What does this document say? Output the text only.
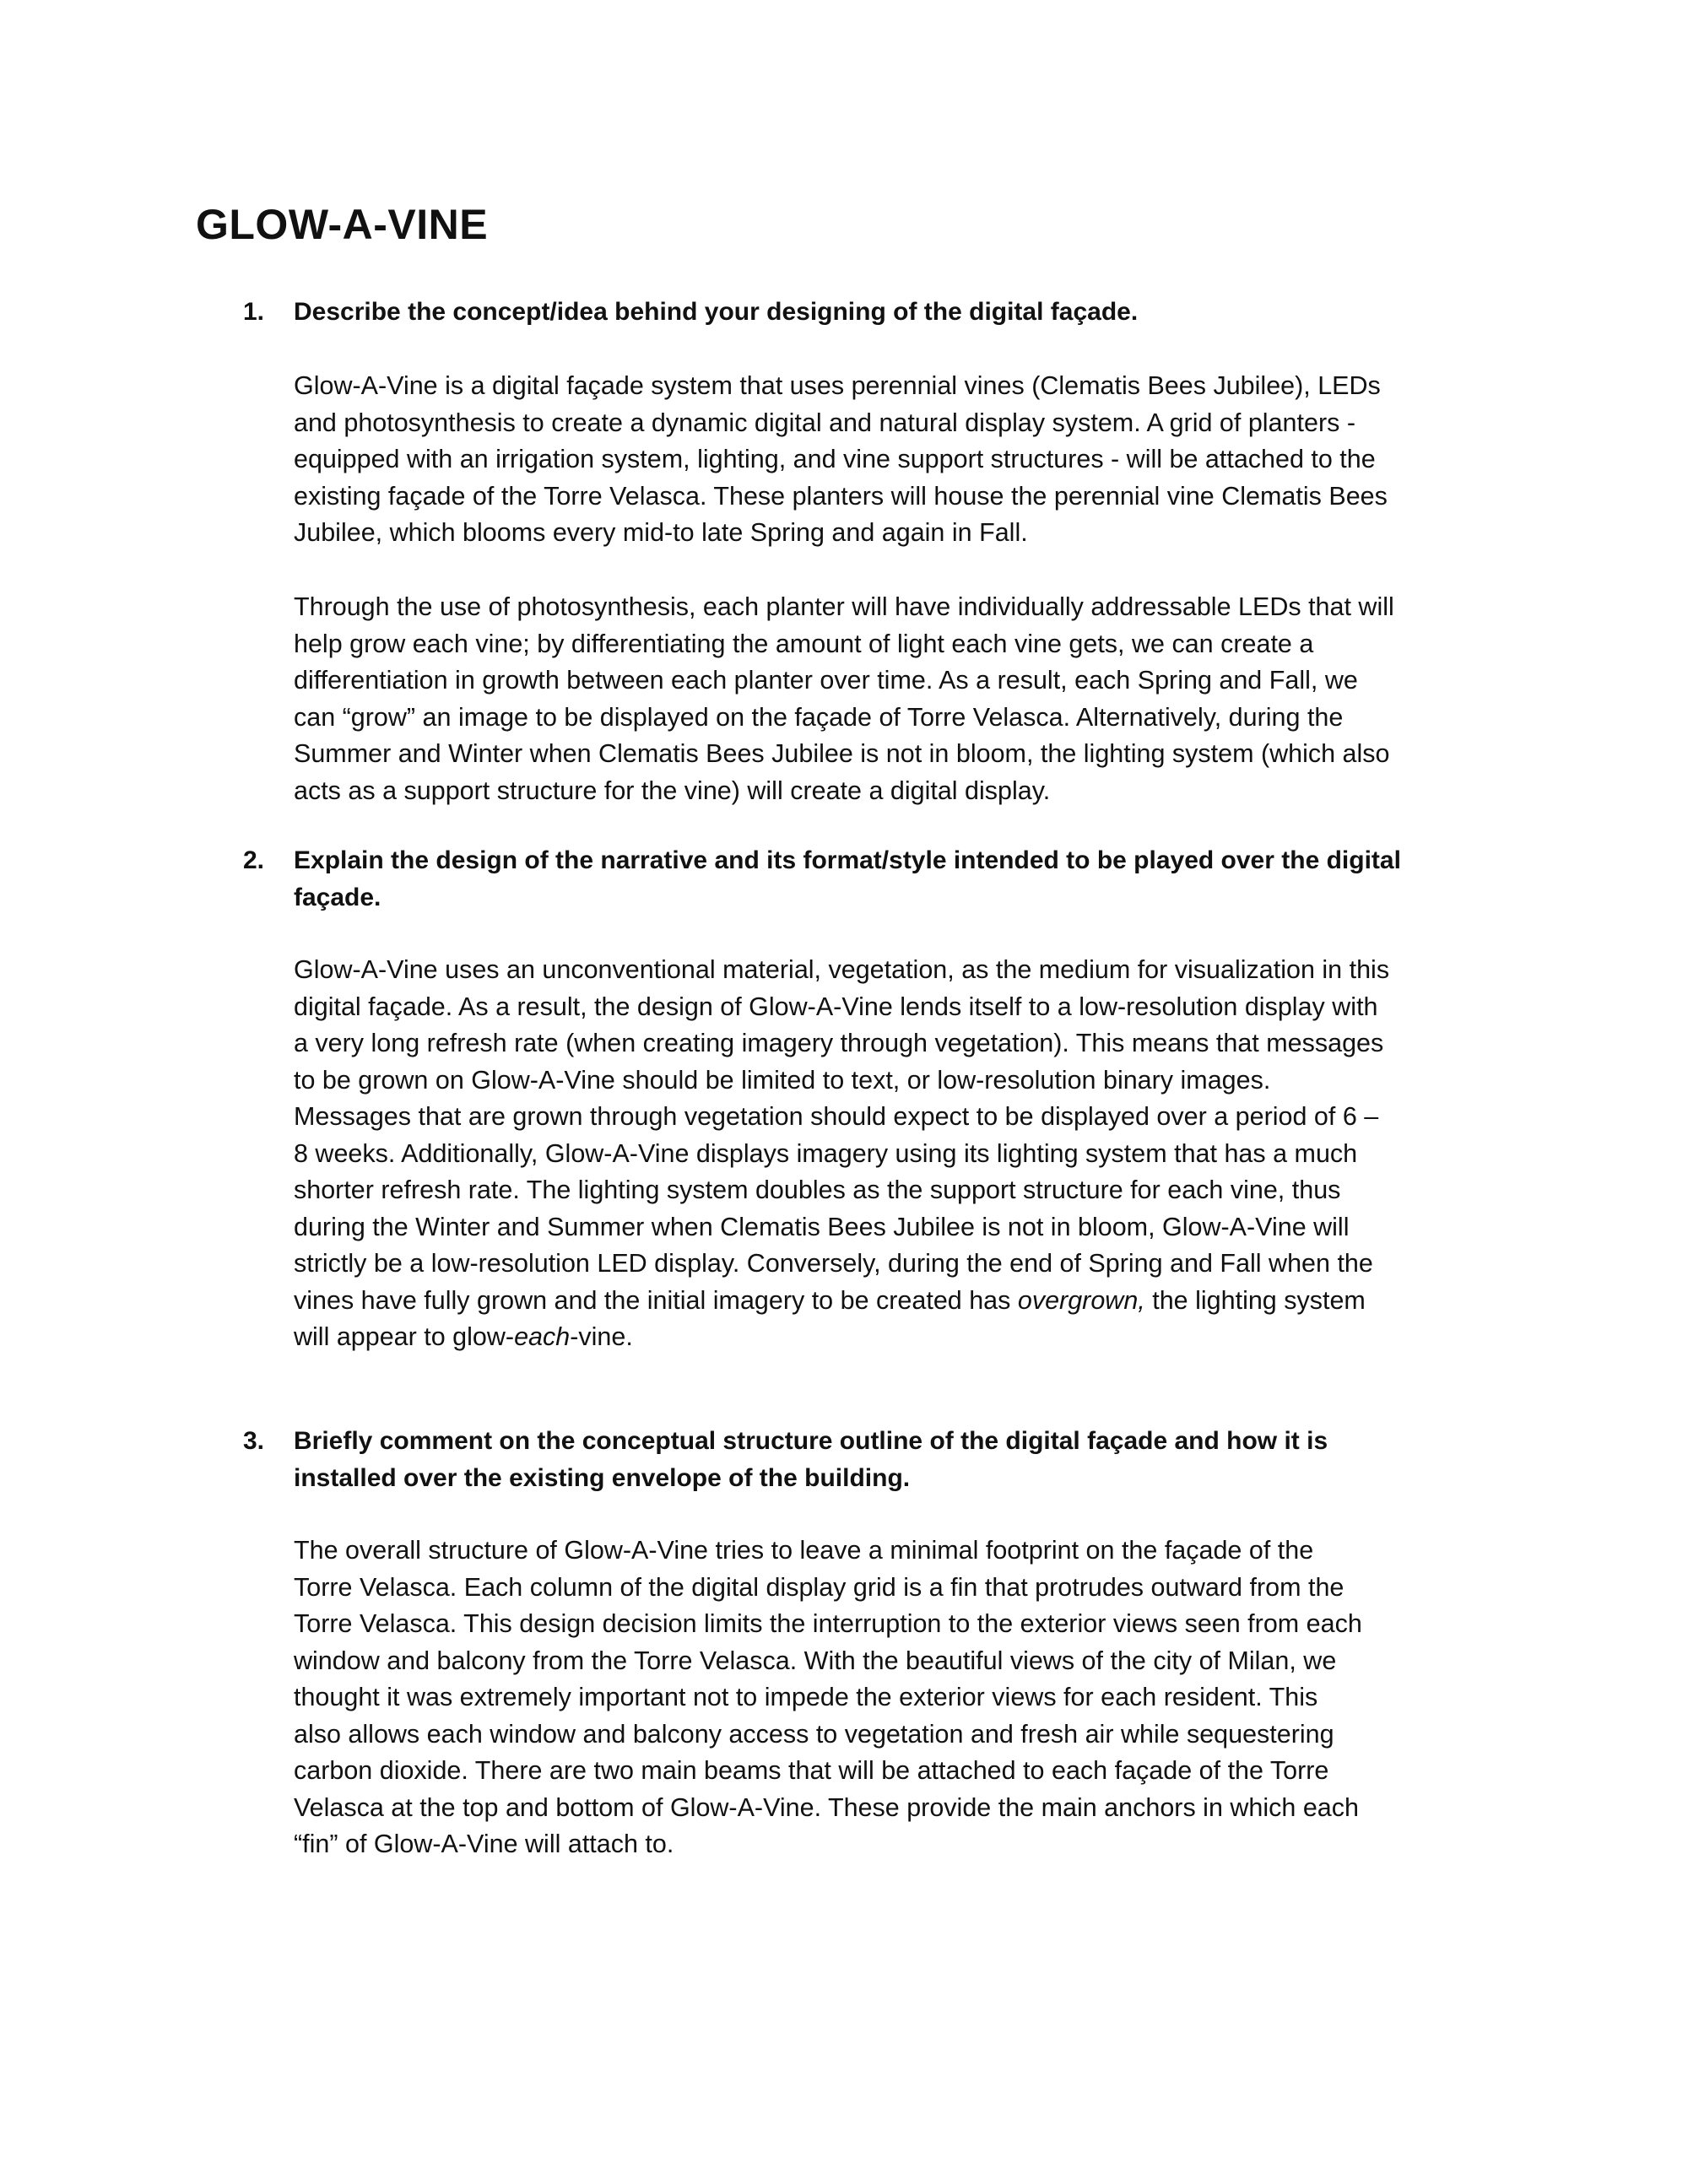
GLOW-A-VINE
1.	Describe the concept/idea behind your designing of the digital façade.
Glow-A-Vine is a digital façade system that uses perennial vines (Clematis Bees Jubilee), LEDs
and photosynthesis to create a dynamic digital and natural display system. A grid of planters -
equipped with an irrigation system, lighting, and vine support structures - will be attached to the
existing façade of the Torre Velasca. These planters will house the perennial vine Clematis Bees
Jubilee, which blooms every mid-to late Spring and again in Fall.
Through the use of photosynthesis, each planter will have individually addressable LEDs that will
help grow each vine; by differentiating the amount of light each vine gets, we can create a
differentiation in growth between each planter over time. As a result, each Spring and Fall, we
can “grow” an image to be displayed on the façade of Torre Velasca. Alternatively, during the
Summer and Winter when Clematis Bees Jubilee is not in bloom, the lighting system (which also
acts as a support structure for the vine) will create a digital display.
2.	Explain the design of the narrative and its format/style intended to be played over the digital
façade.
Glow-A-Vine uses an unconventional material, vegetation, as the medium for visualization in this
digital façade. As a result, the design of Glow-A-Vine lends itself to a low-resolution display with
a very long refresh rate (when creating imagery through vegetation). This means that messages
to be grown on Glow-A-Vine should be limited to text, or low-resolution binary images.
Messages that are grown through vegetation should expect to be displayed over a period of 6 –
8 weeks. Additionally, Glow-A-Vine displays imagery using its lighting system that has a much
shorter refresh rate. The lighting system doubles as the support structure for each vine, thus
during the Winter and Summer when Clematis Bees Jubilee is not in bloom, Glow-A-Vine will
strictly be a low-resolution LED display. Conversely, during the end of Spring and Fall when the
vines have fully grown and the initial imagery to be created has overgrown, the lighting system
will appear to glow-each-vine.
3.	Briefly comment on the conceptual structure outline of the digital façade and how it is
installed over the existing envelope of the building.
The overall structure of Glow-A-Vine tries to leave a minimal footprint on the façade of the
Torre Velasca. Each column of the digital display grid is a fin that protrudes outward from the
Torre Velasca. This design decision limits the interruption to the exterior views seen from each
window and balcony from the Torre Velasca. With the beautiful views of the city of Milan, we
thought it was extremely important not to impede the exterior views for each resident. This
also allows each window and balcony access to vegetation and fresh air while sequestering
carbon dioxide. There are two main beams that will be attached to each façade of the Torre
Velasca at the top and bottom of Glow-A-Vine. These provide the main anchors in which each
“fin” of Glow-A-Vine will attach to.
